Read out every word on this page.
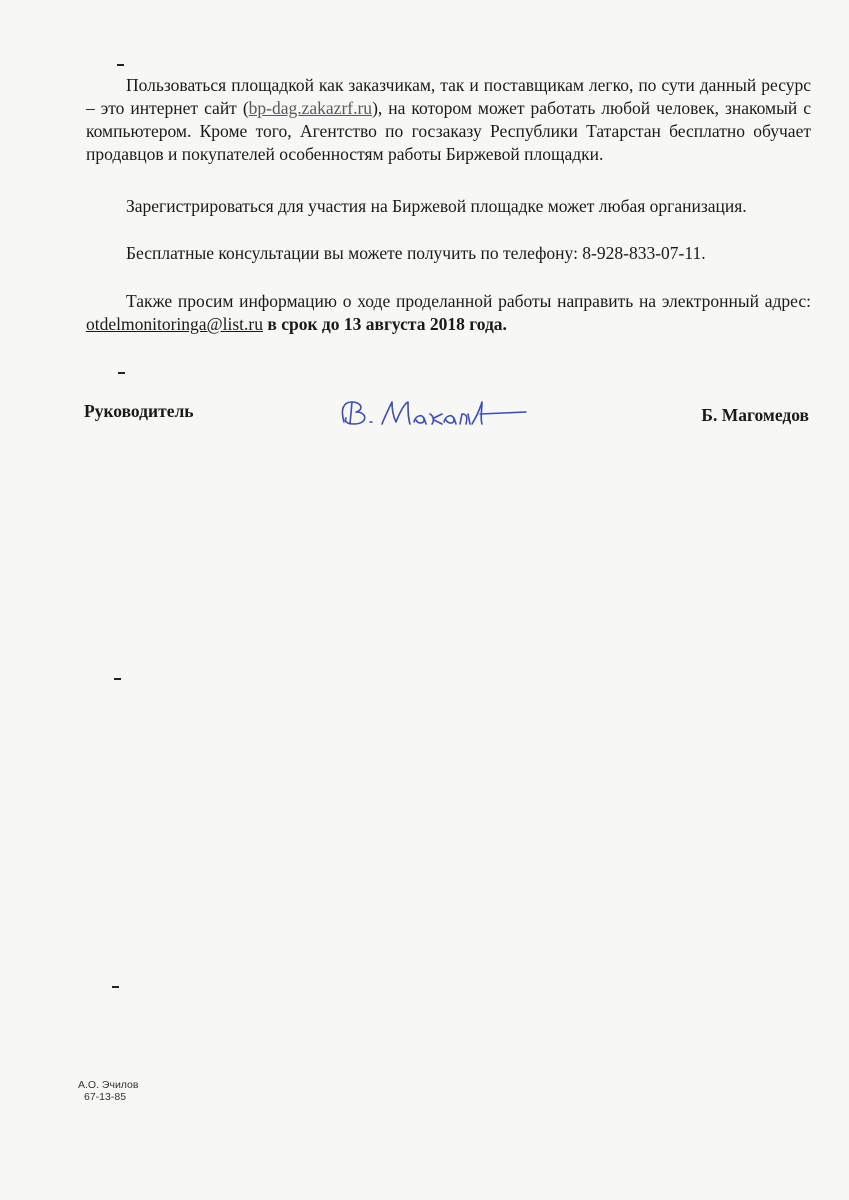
Пользоваться площадкой как заказчикам, так и поставщикам легко, по сути данный ресурс – это интернет сайт (bp-dag.zakazrf.ru), на котором может работать любой человек, знакомый с компьютером. Кроме того, Агентство по госзаказу Республики Татарстан бесплатно обучает продавцов и покупателей особенностям работы Биржевой площадки.

Зарегистрироваться для участия на Биржевой площадке может любая организация.

Бесплатные консультации вы можете получить по телефону: 8-928-833-07-11.

Также просим информацию о ходе проделанной работы направить на электронный адрес: otdelmonitoringa@list.ru в срок до 13 августа 2018 года.

Руководитель	Б. Магомедов
А.О. Эчилов
67-13-85
